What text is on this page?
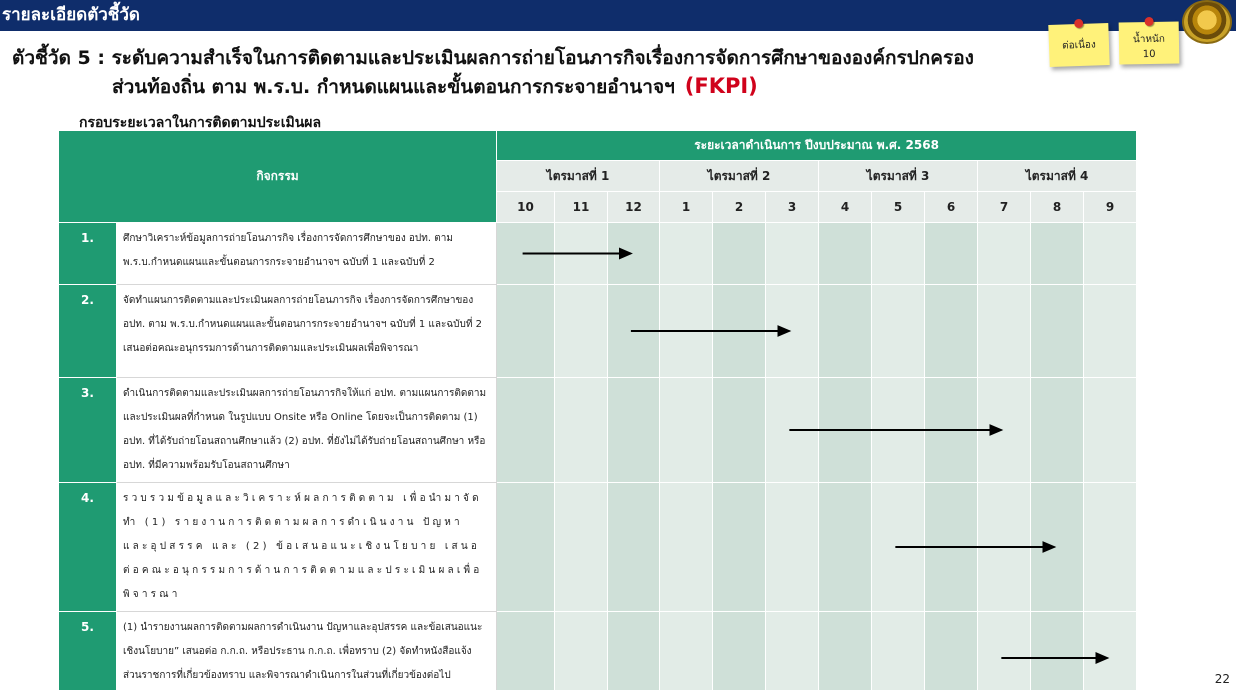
รายละเอียดตัวชี้วัด
ต่อเนื่อง	น้ำหนัก
10
ตัวชี้วัด 5 : ระดับความสำเร็จในการติดตามและประเมินผลการถ่ายโอนภารกิจเรื่องการจัดการศึกษาขององค์กรปกครอง
ส่วนท้องถิ่น ตาม พ.ร.บ. กำหนดแผนและขั้นตอนการกระจายอำนาจฯ (FKPI)
กรอบระยะเวลาในการติดตามประเมินผล
กิจกรรม		ระยะเวลาดำเนินการ ปีงบประมาณ พ.ศ. 2568											
		ไตรมาสที่ 1			ไตรมาสที่ 2			ไตรมาสที่ 3			ไตรมาสที่ 4		
		10	11	12	1	2	3	4	5	6	7	8	9
1.	ศึกษาวิเคราะห์ข้อมูลการถ่ายโอนภารกิจ เรื่องการจัดการศึกษาของ อปท. ตาม พ.ร.บ.กำหนดแผนและขั้นตอนการกระจายอำนาจฯ ฉบับที่ 1 และฉบับที่ 2												
2.	จัดทำแผนการติดตามและประเมินผลการถ่ายโอนภารกิจ เรื่องการจัดการศึกษาของ อปท. ตาม พ.ร.บ.กำหนดแผนและขั้นตอนการกระจายอำนาจฯ ฉบับที่ 1 และฉบับที่ 2 เสนอต่อคณะอนุกรรมการด้านการติดตามและประเมินผลเพื่อพิจารณา												
3.	ดำเนินการติดตามและประเมินผลการถ่ายโอนภารกิจให้แก่ อปท. ตามแผนการติดตามและประเมินผลที่กำหนด ในรูปแบบ Onsite หรือ Online โดยจะเป็นการติดตาม (1) อปท. ที่ได้รับถ่ายโอนสถานศึกษาแล้ว (2) อปท. ที่ยังไม่ได้รับถ่ายโอนสถานศึกษา หรือ อปท. ที่มีความพร้อมรับโอนสถานศึกษา												
4.	รวบรวมข้อมูลและวิเคราะห์ผลการติดตาม เพื่อนำมาจัดทำ (1) รายงานการติดตามผลการดำเนินงาน ปัญหาและอุปสรรค และ (2) ข้อเสนอแนะเชิงนโยบาย เสนอต่อคณะอนุกรรมการด้านการติดตามและประเมินผลเพื่อพิจารณา												
5.	(1) นำรายงานผลการติดตามผลการดำเนินงาน ปัญหาและอุปสรรค และข้อเสนอแนะเชิงนโยบาย” เสนอต่อ ก.ก.ถ. หรือประธาน ก.ก.ถ. เพื่อทราบ (2) จัดทำหนังสือแจ้งส่วนราชการที่เกี่ยวข้องทราบ และพิจารณาดำเนินการในส่วนที่เกี่ยวข้องต่อไป													22
